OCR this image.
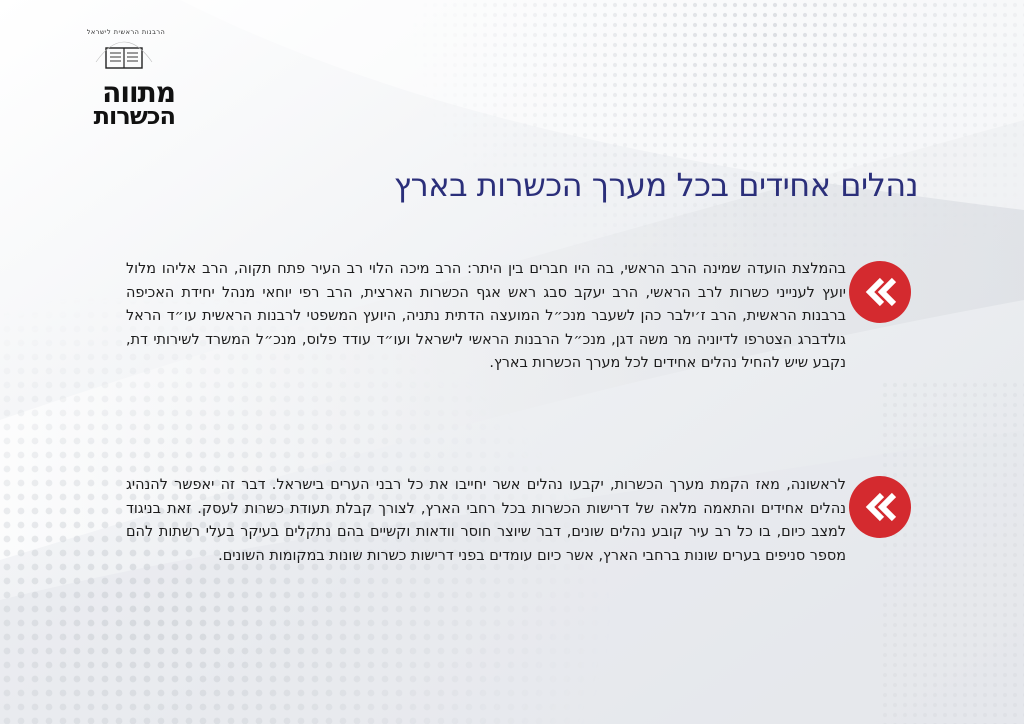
הרבנות הראשית לישראל
מתווה
הכשרות
נהלים אחידים בכל מערך הכשרות בארץ

בהמלצת הועדה שמינה הרב הראשי, בה היו חברים בין היתר: הרב מיכה הלוי רב העיר פתח תקוה, הרב אליהו מלול יועץ לענייני כשרות לרב הראשי, הרב יעקב סבג ראש אגף הכשרות הארצית, הרב רפי יוחאי מנהל יחידת האכיפה ברבנות הראשית, הרב ז׳ילבר כהן לשעבר מנכ״ל המועצה הדתית נתניה, היועץ המשפטי לרבנות הראשית עו״ד הראל גולדברג הצטרפו לדיוניה מר משה דגן, מנכ״ל הרבנות הראשי לישראל ועו״ד עודד פלוס, מנכ״ל המשרד לשירותי דת, נקבע שיש להחיל נהלים אחידים לכל מערך הכשרות בארץ.

לראשונה, מאז הקמת מערך הכשרות, יקבעו נהלים אשר יחייבו את כל רבני הערים בישראל. דבר זה יאפשר להנהיג נהלים אחידים והתאמה מלאה של דרישות הכשרות בכל רחבי הארץ, לצורך קבלת תעודת כשרות לעסק. זאת בניגוד למצב כיום, בו כל רב עיר קובע נהלים שונים, דבר שיוצר חוסר וודאות וקשיים בהם נתקלים בעיקר בעלי רשתות להם מספר סניפים בערים שונות ברחבי הארץ, אשר כיום עומדים בפני דרישות כשרות שונות במקומות השונים.
